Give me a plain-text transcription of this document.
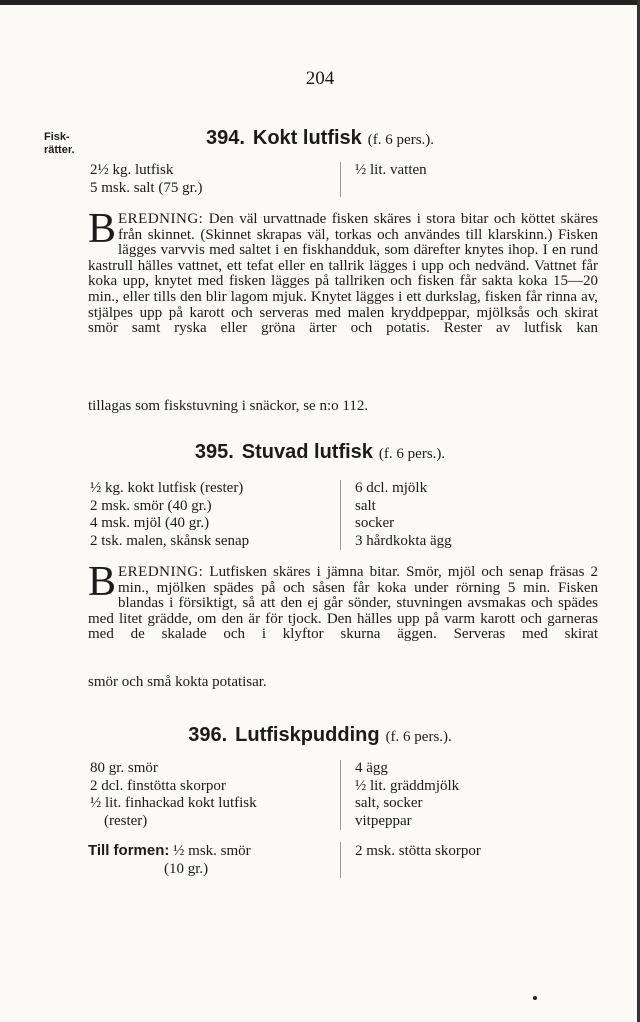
204
Fisk-
rätter.
394. Kokt lutfisk (f. 6 pers.).
2½ kg. lutfisk
5 msk. salt (75 gr.)
½ lit. vatten

BEREDNING: Den väl urvattnade fisken skäres i stora bitar och köttet skäres från skinnet. (Skinnet skrapas väl, torkas och användes till klarskinn.) Fisken lägges varvvis med saltet i en fiskhandduk, som därefter knytes ihop. I en rund kastrull hälles vattnet, ett tefat eller en tallrik lägges i upp och nedvänd. Vattnet får koka upp, knytet med fisken lägges på tallriken och fisken får sakta koka 15—20 min., eller tills den blir lagom mjuk. Knytet lägges i ett durkslag, fisken får rinna av, stjälpes upp på karott och serveras med malen kryddpeppar, mjölksås och skirat smör samt ryska eller gröna ärter och potatis. Rester av lutfisk kan

tillagas som fiskstuvning i snäckor, se n:o 112.
395. Stuvad lutfisk (f. 6 pers.).
½ kg. kokt lutfisk (rester)
2 msk. smör (40 gr.)
4 msk. mjöl (40 gr.)
2 tsk. malen, skånsk senap
6 dcl. mjölk
salt
socker
3 hårdkokta ägg

BEREDNING: Lutfisken skäres i jämna bitar. Smör, mjöl och senap fräsas 2 min., mjölken spädes på och såsen får koka under rörning 5 min. Fisken blandas i försiktigt, så att den ej går sönder, stuvningen avsmakas och spädes med litet grädde, om den är för tjock. Den hälles upp på varm karott och garneras med de skalade och i klyftor skurna äggen. Serveras med skirat

smör och små kokta potatisar.
396. Lutfiskpudding (f. 6 pers.).
80 gr. smör
2 dcl. finstötta skorpor
½ lit. finhackad kokt lutfisk
(rester)
4 ägg
½ lit. gräddmjölk
salt, socker
vitpeppar
Till formen: ½ msk. smör
(10 gr.)
2 msk. stötta skorpor
